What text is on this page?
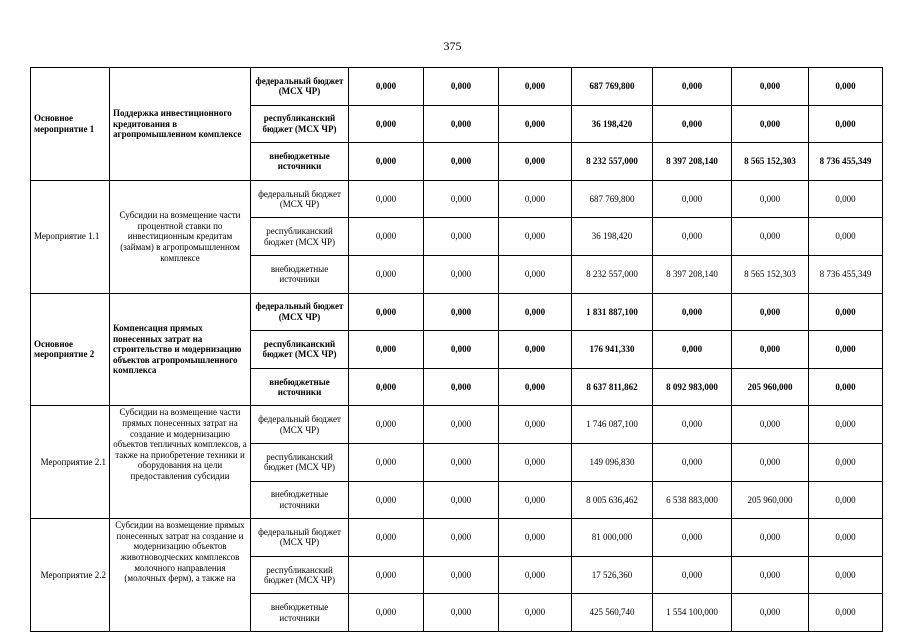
375
Основное мероприятие 1	Поддержка инвестиционного кредитования в агропромышленном комплексе	федеральный бюджет (МСХ ЧР)	0,000	0,000	0,000	687 769,800	0,000	0,000	0,000
		республиканский бюджет (МСХ ЧР)	0,000	0,000	0,000	36 198,420	0,000	0,000	0,000
		внебюджетные источники	0,000	0,000	0,000	8 232 557,000	8 397 208,140	8 565 152,303	8 736 455,349
Мероприятие 1.1	Субсидии на возмещение части процентной ставки по инвестиционным кредитам (займам) в агропромышленном комплексе	федеральный бюджет (МСХ ЧР)	0,000	0,000	0,000	687 769,800	0,000	0,000	0,000
		республиканский бюджет (МСХ ЧР)	0,000	0,000	0,000	36 198,420	0,000	0,000	0,000
		внебюджетные источники	0,000	0,000	0,000	8 232 557,000	8 397 208,140	8 565 152,303	8 736 455,349
Основное мероприятие 2	Компенсация прямых понесенных затрат на строительство и модернизацию объектов агропромышленного комплекса	федеральный бюджет (МСХ ЧР)	0,000	0,000	0,000	1 831 887,100	0,000	0,000	0,000
		республиканский бюджет (МСХ ЧР)	0,000	0,000	0,000	176 941,330	0,000	0,000	0,000
		внебюджетные источники	0,000	0,000	0,000	8 637 811,862	8 092 983,000	205 960,000	0,000
Мероприятие 2.1	Субсидии на возмещение части прямых понесенных затрат на создание и модернизацию объектов тепличных комплексов, а также на приобретение техники и оборудования на цели предоставления субсидии	федеральный бюджет (МСХ ЧР)	0,000	0,000	0,000	1 746 087,100	0,000	0,000	0,000
		республиканский бюджет (МСХ ЧР)	0,000	0,000	0,000	149 096,830	0,000	0,000	0,000
		внебюджетные источники	0,000	0,000	0,000	8 005 636,462	6 538 883,000	205 960,000	0,000
Мероприятие 2.2	Субсидии на возмещение прямых понесенных затрат на создание и модернизацию объектов животноводческих комплексов молочного направления (молочных ферм), а также на	федеральный бюджет (МСХ ЧР)	0,000	0,000	0,000	81 000,000	0,000	0,000	0,000
		республиканский бюджет (МСХ ЧР)	0,000	0,000	0,000	17 526,360	0,000	0,000	0,000
		внебюджетные источники	0,000	0,000	0,000	425 560,740	1 554 100,000	0,000	0,000
